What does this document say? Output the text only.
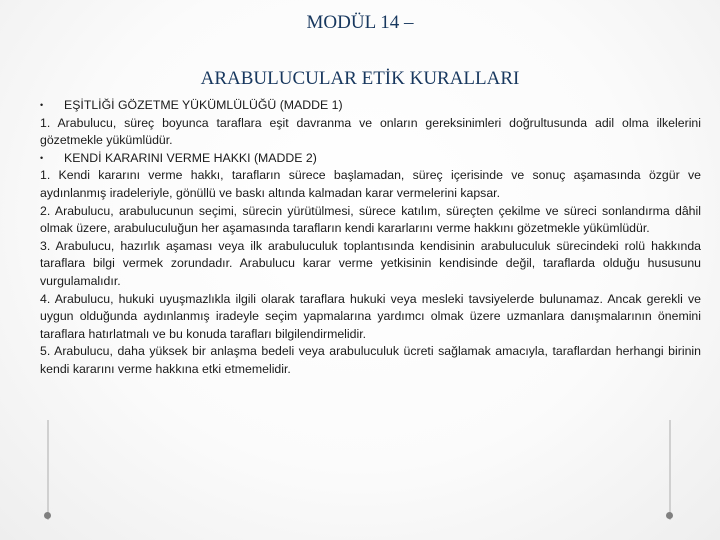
MODÜL 14 –
ARABULUCULAR ETİK KURALLARI

• EŞİTLİĞİ GÖZETME YÜKÜMLÜLÜĞÜ (MADDE 1)

1. Arabulucu, süreç boyunca taraflara eşit davranma ve onların gereksinimleri doğrultusunda adil olma ilkelerini gözetmekle yükümlüdür.

• KENDİ KARARINI VERME HAKKI (MADDE 2)

1. Kendi kararını verme hakkı, tarafların sürece başlamadan, süreç içerisinde ve sonuç aşamasında özgür ve aydınlanmış iradeleriyle, gönüllü ve baskı altında kalmadan karar vermelerini kapsar.

2. Arabulucu, arabulucunun seçimi, sürecin yürütülmesi, sürece katılım, süreçten çekilme ve süreci sonlandırma dâhil olmak üzere, arabuluculuğun her aşamasında tarafların kendi kararlarını verme hakkını gözetmekle yükümlüdür.

3. Arabulucu, hazırlık aşaması veya ilk arabuluculuk toplantısında kendisinin arabuluculuk sürecindeki rolü hakkında taraflara bilgi vermek zorundadır. Arabulucu karar verme yetkisinin kendisinde değil, taraflarda olduğu hususunu vurgulamalıdır.

4. Arabulucu, hukuki uyuşmazlıkla ilgili olarak taraflara hukuki veya mesleki tavsiyelerde bulunamaz. Ancak gerekli ve uygun olduğunda aydınlanmış iradeyle seçim yapmalarına yardımcı olmak üzere uzmanlara danışmalarının önemini taraflara hatırlatmalı ve bu konuda tarafları bilgilendirmelidir.

5. Arabulucu, daha yüksek bir anlaşma bedeli veya arabuluculuk ücreti sağlamak amacıyla, taraflardan herhangi birinin kendi kararını verme hakkına etki etmemelidir.
